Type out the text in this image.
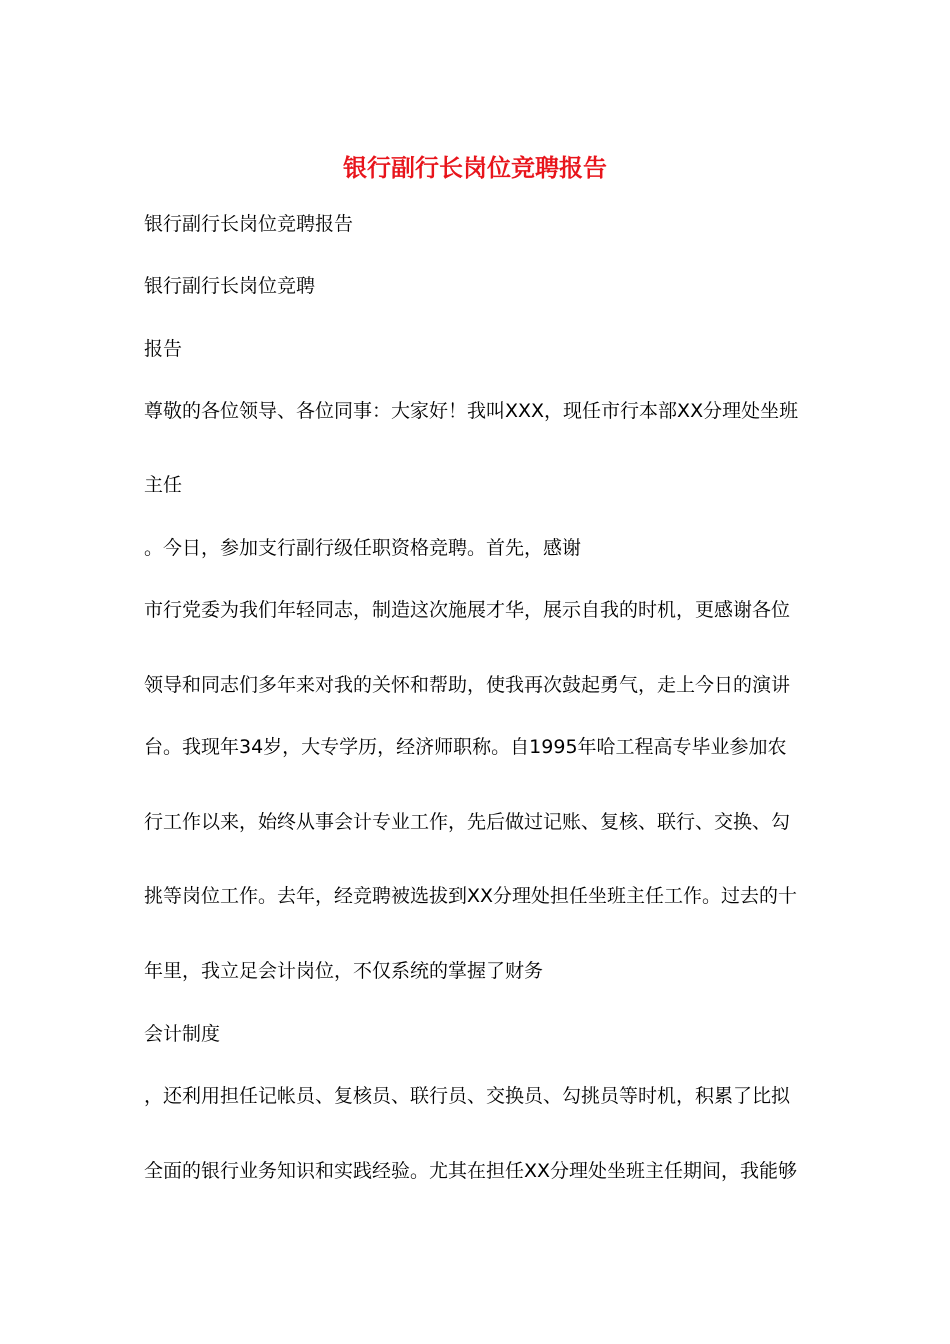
银行副行长岗位竞聘报告

银行副行长岗位竞聘报告

银行副行长岗位竞聘

报告

尊敬的各位领导、各位同事：大家好！我叫XXX，现任市行本部XX分理处坐班

主任

。今日，参加支行副行级任职资格竞聘。首先，感谢

市行党委为我们年轻同志，制造这次施展才华，展示自我的时机，更感谢各位

领导和同志们多年来对我的关怀和帮助，使我再次鼓起勇气，走上今日的演讲

台。我现年34岁，大专学历，经济师职称。自1995年哈工程高专毕业参加农

行工作以来，始终从事会计专业工作，先后做过记账、复核、联行、交换、勾

挑等岗位工作。去年，经竞聘被选拔到XX分理处担任坐班主任工作。过去的十

年里，我立足会计岗位，不仅系统的掌握了财务

会计制度

，还利用担任记帐员、复核员、联行员、交换员、勾挑员等时机，积累了比拟

全面的银行业务知识和实践经验。尤其在担任XX分理处坐班主任期间，我能够
